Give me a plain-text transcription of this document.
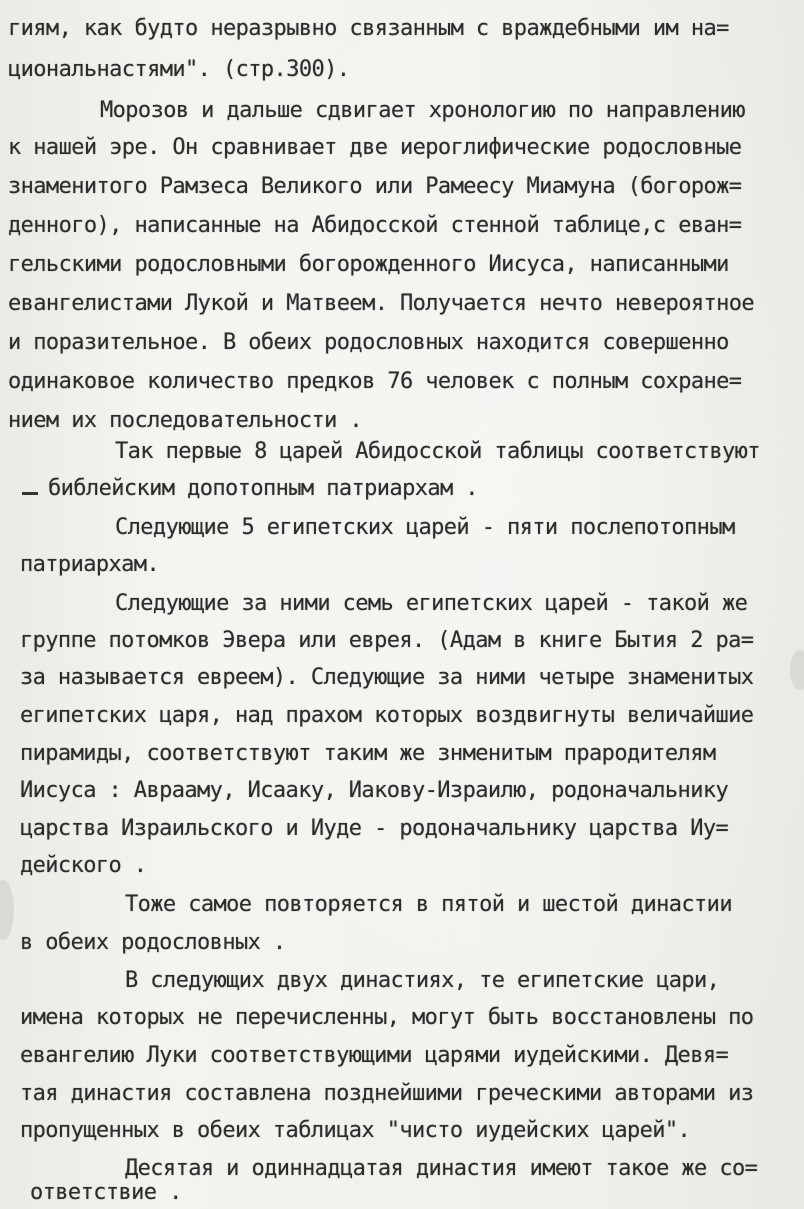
гиям, как будто неразрывно связанным с враждебными им на=
циональнастями". (стр.300).
Морозов и дальше сдвигает хронологию по направлению
к нашей эре. Он сравнивает две иероглифические родословные
знаменитого Рамзеса Великого или Рамеесу Миамуна (богорож=
денного), написанные на Абидосской стенной таблице,с еван=
гельскими родословными богорожденного Иисуса, написанными
евангелистами Лукой и Матвеем. Получается нечто невероятное
и поразительное. В обеих родословных находится совершенно
одинаковое количество предков 76 человек с полным сохране=
нием их последовательности .
Так первые 8 царей Абидосской таблицы соответствуют
библейским допотопным патриархам .
Следующие 5 египетских царей - пяти послепотопным
патриархам.
Следующие за ними семь египетских царей - такой же
группе потомков Эвера или еврея. (Адам в книге Бытия 2 ра=
за называется евреем). Следующие за ними четыре знаменитых
египетских царя, над прахом которых воздвигнуты величайшие
пирамиды, соответствуют таким же знменитым прародителям
Иисуса : Аврааму, Исааку, Иакову-Израилю, родоначальнику
царства Израильского и Иуде - родоначальнику царства Иу=
дейского .
Тоже самое повторяется в пятой и шестой династии
в обеих родословных .
В следующих двух династиях, те египетские цари,
имена которых не перечисленны, могут быть восстановлены по
евангелию Луки соответствующими царями иудейскими. Девя=
тая династия составлена позднейшими греческими авторами из
пропущенных в обеих таблицах "чисто иудейских царей".
Десятая и одиннадцатая династия имеют такое же со=
ответствие .
